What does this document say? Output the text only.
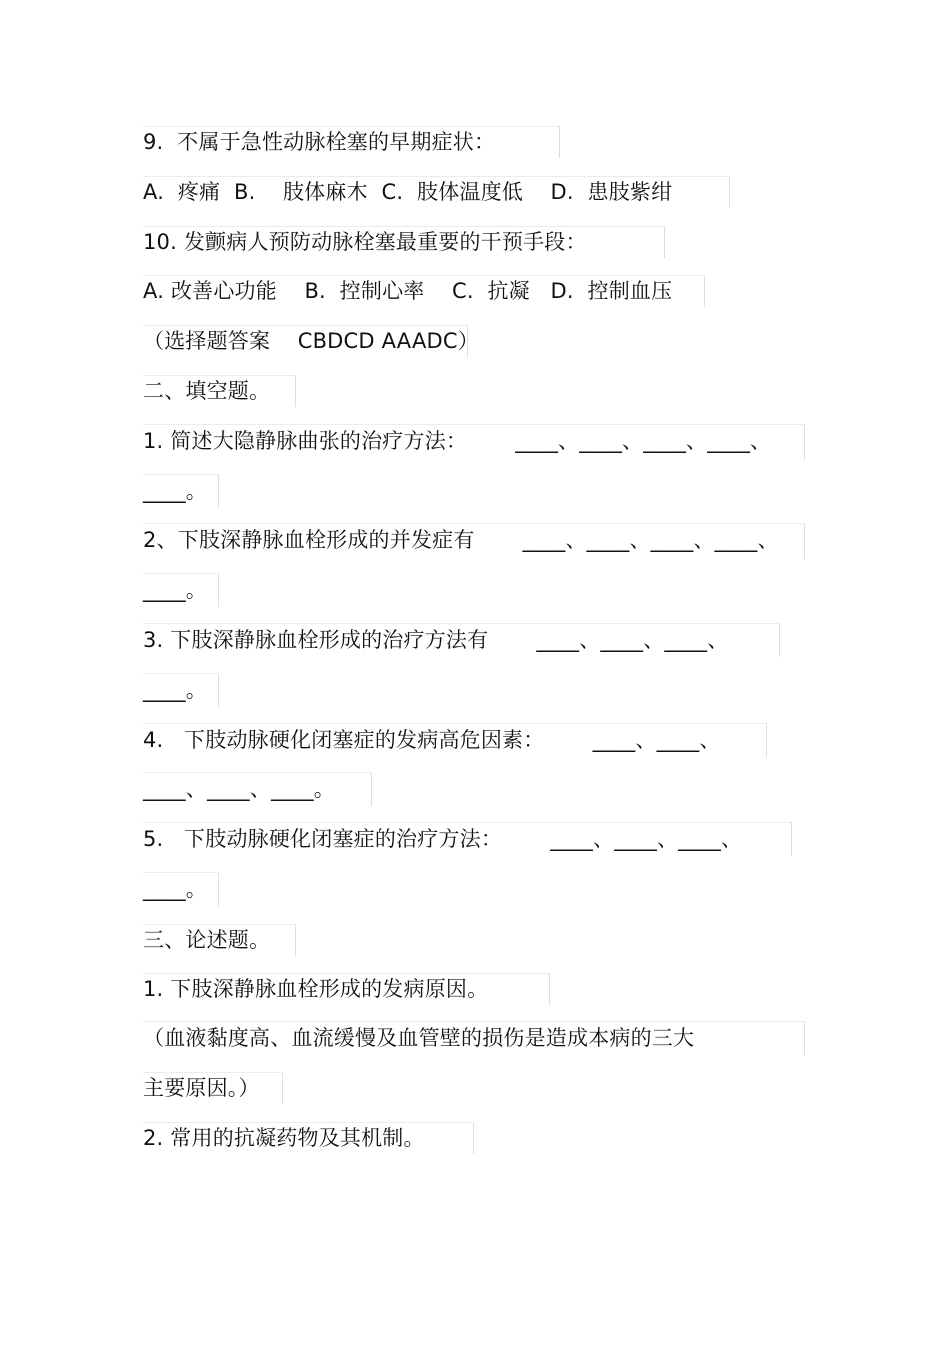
9.  不属于急性动脉栓塞的早期症状：
A.  疼痛  B.    肢体麻木  C.  肢体温度低    D.  患肢紫绀
10. 发颤病人预防动脉栓塞最重要的干预手段：
A. 改善心功能    B.  控制心率    C.  抗凝   D.  控制血压
（选择题答案    CBDCD AAADC）
二、填空题。
1. 简述大隐静脉曲张的治疗方法：       ____、____、____、____、
____。
2、下肢深静脉血栓形成的并发症有       ____、____、____、____、
____。
3. 下肢深静脉血栓形成的治疗方法有       ____、____、____、
____。
4.   下肢动脉硬化闭塞症的发病高危因素：       ____、____、
____、____、____。
5.   下肢动脉硬化闭塞症的治疗方法：       ____、____、____、
____。
三、论述题。
1. 下肢深静脉血栓形成的发病原因。
（血液黏度高、血流缓慢及血管壁的损伤是造成本病的三大
主要原因。）
2. 常用的抗凝药物及其机制。
